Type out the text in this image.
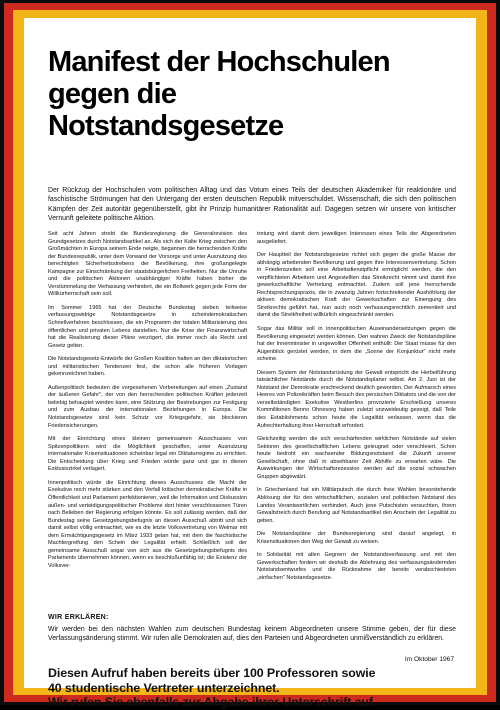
Manifest der Hochschulen
gegen die
Notstandsgesetze

Der Rückzug der Hochschulen vom politischen Alltag und das Votum eines Teils der deutschen Akademiker für reaktionäre und faschistische Strömungen hat den Untergang der ersten deutschen Republik mitverschuldet. Wissenschaft, die sich den politischen Kämpfen der Zeit autoritär gegenüberstellt, gibt ihr Prinzip humanitärer Rationalität auf. Dagegen setzen wir unsere von kritischer Vernunft geleitete politische Aktion.

Seit acht Jahren strebt die Bundesregierung die Generalrevision des Grundgesetzes durch Notstandsartikel an. Als sich der Kalte Krieg zwischen den Großmächten in Europa seinem Ende neigte, begannen die herrschenden Kräfte der Bundesrepublik, unter dem Vorwand der Vorsorge und unter Ausnutzung des berechtigten Sicherheitsstrebens der Bevölkerung, ihre großangelegte Kampagne zur Einschränkung der staatsbürgerlichen Freiheiten. Nur die Unruhe und die politischen Aktionen unabhängiger Kräfte haben bisher die Verstümmelung der Verfassung verhindert, die ein Bollwerk gegen jede Form der Willkürherrschaft sein soll.

Im Sommer 1965 hat der Deutsche Bundestag sieben teilweise verfassungswidrige Notstandsgesetze in scheindemokratischen Schnellverfahren beschlossen, die ein Programm der totalen Militarisierung des öffentlichen und privaten Lebens darstellen. Nur die Krise der Finanzwirtschaft hat die Realisierung dieser Pläne verzögert, die immer noch als Recht und Gesetz gelten.

Die Notstandsgesetz-Entwürfe der Großen Koalition halten an den diktatorischen und militaristischen Tendenzen fest, die schon alle früheren Vorlagen gekennzeichnet haben.

Außenpolitisch bedeuten die vorgesehenen Vorbereitungen auf einen „Zustand der äußeren Gefahr", der von den herrschenden politischen Kräften jederzeit beliebig behauptet werden kann, eine Stützung der Bestrebungen zur Festigung und zum Ausbau der internationalen Beziehungen in Europa. Die Notstandsgesetze sind kein Schutz vor Kriegsgefahr, sie blockieren Friedensicherungen.

Mit der Einrichtung eines kleinen gemeinsamen Ausschusses von Spitzenpolitikern wird die Möglichkeit geschaffen, unter Ausnutzung internationaler Krisensituationen scheinbar legal ein Diktaturregime zu errichten. Die Entscheidung über Krieg und Frieden würde ganz und gar in diesen Exklusivzirkel verlagert.

Innenpolitisch würde die Einrichtung dieses Ausschusses die Macht der Exekutive noch mehr stärken und den Verfall kritischer demokratischer Kräfte in Öffentlichkeit und Parlament perfektionieren, weil die Information und Diskussion außen- und verteidigungspolitischer Probleme dort hinter verschlossenen Türen nach Belieben der Regierung erfolgen könnte. Es soll zulässig werden, daß der Bundestag seine Gesetzgebungsbefugnis an diesen Ausschuß abtritt und sich damit selbst völlig entmachtet, wie es die letzte Volksvertretung von Weimar mit dem Ermächtigungsgesetz im März 1933 getan hat, mit dem die faschistische Machtergreifung den Schein der Legalität erhielt. Schließlich soll der gemeinsame Ausschuß sogar von sich aus die Gesetzgebungsbefugnis des Parlaments übernehmen können, wenn es beschlußunfähig ist; die Existenz der Volksver-

tretung wird damit dem jeweiligen Interessen eines Teils der Abgeordneten ausgeliefert.

Der Hauptteil der Notstandsgesetze richtet sich gegen die große Masse der abhängig arbeitenden Bevölkerung und gegen ihre Interessenvertretung. Schon in Friedenszeiten soll eine Arbeitsdienstpflicht ermöglicht werden, die den verpflichteten Arbeitern und Angestellten das Streikrecht nimmt und damit ihre gewerkschaftliche Vertretung entmachtet. Zudem soll jene herrschende Rechtsprechungspraxis, die in zwanzig Jahren fortschreitender Aushöhlung der aktiven demokratischen Kraft der Gewerkschaften zur Einengung des Streikrechts geführt hat, nun auch noch verfassungsrechtlich zementiert und damit die Streikfreiheit willkürlich eingeschränkt werden.

Sogar das Militär soll in innenpolitischen Auseinandersetzungen gegen die Bevölkerung eingesetzt werden können. Den wahren Zweck der Notstandspläne hat der Innenminister in ungewollter Offenheit enthüllt: Der Staat müsse für den Augenblick gerüstet werden, in dem die „Sonne der Konjunktur" nicht mehr scheine.

Diesem System der Notstandsrüstung der Gewalt entspricht die Herbeiführung tatsächlicher Notstände durch die Notstandsplaner selbst. Am 2. Juni ist der Notstand der Demokratie erschreckend deutlich geworden. Der Aufmarsch eines Heeres von Polizeikräften beim Besuch des persischen Diktators und die von der verselbständigten Exekutive Westberlins provozierte Erschießung unseres Kommilitonen Benno Ohnesorg haben zuletzt unzweideutig gezeigt, daß Teile des Establishments schon heute die Legalität verlassen, wenn das die Aufrechterhaltung ihrer Herrschaft erfordert.

Gleichzeitig werden die sich verschärfenden wirklichen Notstände auf vielen Sektoren des gesellschaftlichen Lebens geleugnet oder verschleiert. Schon heute bedroht ein wachsender Bildungsnotstand die Zukunft unserer Gesellschaft, ohne daß in absehbarer Zeit Abhilfe zu erwarten wäre. Die Auswirkungen der Wirtschaftsrezession werden auf die sozial schwachen Gruppen abgewälzt.

In Griechenland hat ein Militärputsch die durch freie Wahlen bevorstehende Ablösung der für den wirtschaftlichen, sozialen und politischen Notstand des Landes Verantwortlichen verhindert. Auch jene Putschisten versuchten, ihrem Gewaltstreich durch Berufung auf Notstandsartikel den Anschein der Legalität zu geben.

Die Notstandspläne der Bundesregierung sind darauf angelegt, in Krisensituationen den Weg der Gewalt zu weisen.

In Solidarität mit allen Gegnern der Notstandsverfassung und mit den Gewerkschaften fordern wir deshalb die Ablehnung des verfassungsändernden Notstandsentwurfes und die Rücknahme der bereits verabschiedeten „einfachen" Notstandsgesetze.

WIR ERKLÄREN:

Wir werden bei den nächsten Wahlen zum deutschen Bundestag keinem Abgeordneten unsere Stimme geben, der für diese Verfassungsänderung stimmt. Wir rufen alle Demokraten auf, dies den Parteien und Abgeordneten unmißverständlich zu erklären.

Im Oktober 1967
Diesen Aufruf haben bereits über 100 Professoren sowie
40 studentische Vertreter unterzeichnet.
Wir rufen Sie ebenfalls zur Abgabe ihrer Unterschrift auf.
